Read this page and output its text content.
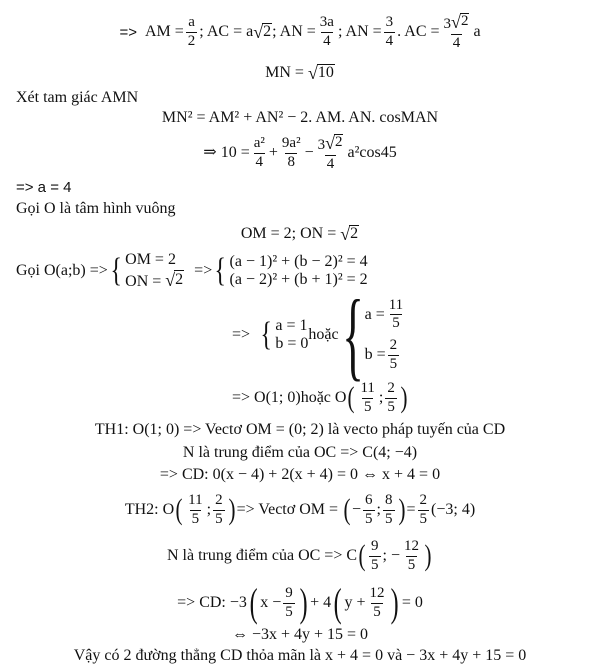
=> AM = $\frac{a}{2}$ ; AC = a √ 2 ; AN = $\frac{3a}{4}$ ; AN = $\frac{3}{4}$ . AC = $\frac{3 √ 2}{4}$ a
MN =
√ 10
Xét tam giác AMN
MN² = AM² + AN² − 2. AM. AN. cosMAN
⇒ $10 = \frac{\text{a²}}{4} + \frac{\text{9a²}}{8} - \frac{3 √ 2}{4} a^2\cos 45$
=> a = 4
Gọi O là tâm hình vuông
OM = 2; ON =
√ 2
Gọi O(a;b) => { OM = 2
ON = √ 2 => { (a − 1)² + (b − 2)² = 4
(a − 2)² + (b + 1)² = 2
=> { a = 1
b = 0
hoặc { $a = \frac{11}{5}$
$b = \frac{2}{5}$
=> O(1; 0)hoặc O ( $\frac{11}{5}$ ; $\frac{2}{5}$ )
TH1: O(1; 0) => Vectơ OM = (0; 2) là vecto pháp tuyến của CD
N là trung điểm của OC => C(4; −4)
=> CD: 0(x − 4) + 2(x + 4) = 0 ⇔ x + 4 = 0
TH2: O ( $\frac{11}{5}$ ; $\frac{2}{5}$ ) => Vectơ OM =
( − $\frac{6}{5}$ ; $\frac{8}{5}$ ) = $\frac{2}{5} (-3$; 4)
N là trung điểm của OC => C ( $\frac{9}{5}$ ; − $\frac{12}{5}$ )
=> CD: −3 ( $x - \frac{9}{5}$ ) + 4 ( $y + \frac{12}{5}$ ) = 0
⇔ −3x + 4y + 15 = 0
Vậy có 2 đường thẳng CD thỏa mãn là x + 4 = 0 và − 3x + 4y + 15 = 0
